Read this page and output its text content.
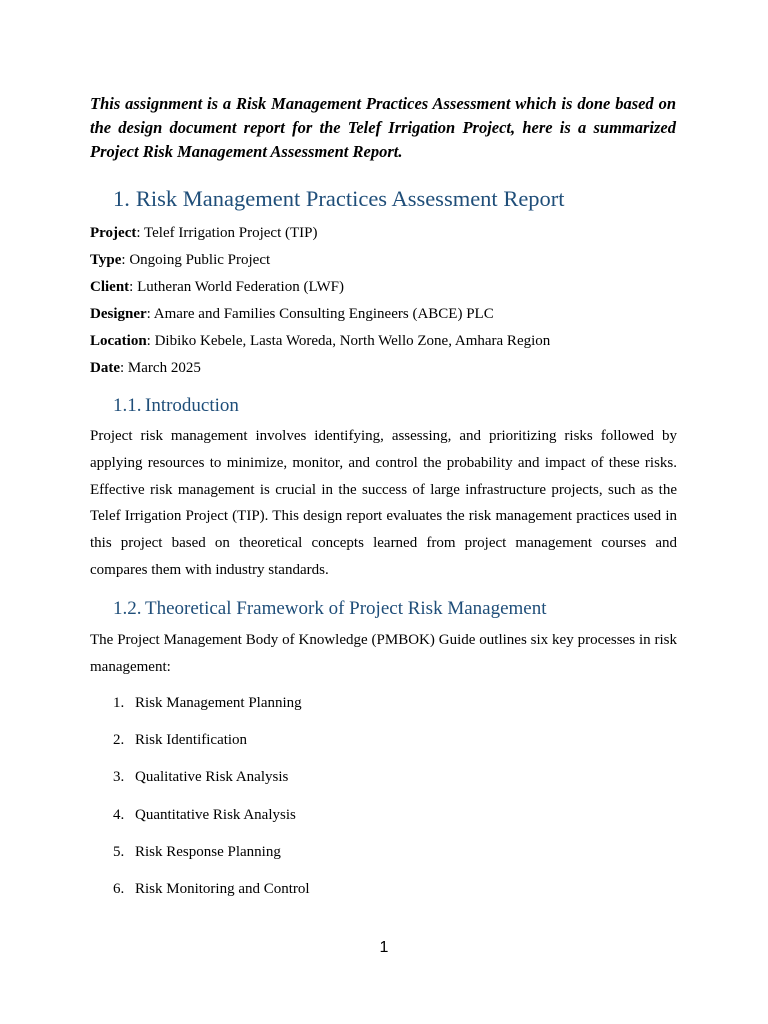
This assignment is a Risk Management Practices Assessment which is done based on the design document report for the Telef Irrigation Project, here is a summarized Project Risk Management Assessment Report.

1. Risk Management Practices Assessment Report
Project: Telef Irrigation Project (TIP)
Type: Ongoing Public Project
Client: Lutheran World Federation (LWF)
Designer: Amare and Families Consulting Engineers (ABCE) PLC
Location: Dibiko Kebele, Lasta Woreda, North Wello Zone, Amhara Region
Date: March 2025
1.1. Introduction

Project risk management involves identifying, assessing, and prioritizing risks followed by applying resources to minimize, monitor, and control the probability and impact of these risks. Effective risk management is crucial in the success of large infrastructure projects, such as the Telef Irrigation Project (TIP). This design report evaluates the risk management practices used in this project based on theoretical concepts learned from project management courses and compares them with industry standards.

1.2. Theoretical Framework of Project Risk Management

The Project Management Body of Knowledge (PMBOK) Guide outlines six key processes in risk management:

1. Risk Management Planning
2. Risk Identification
3. Qualitative Risk Analysis
4. Quantitative Risk Analysis
5. Risk Response Planning
6. Risk Monitoring and Control
1
